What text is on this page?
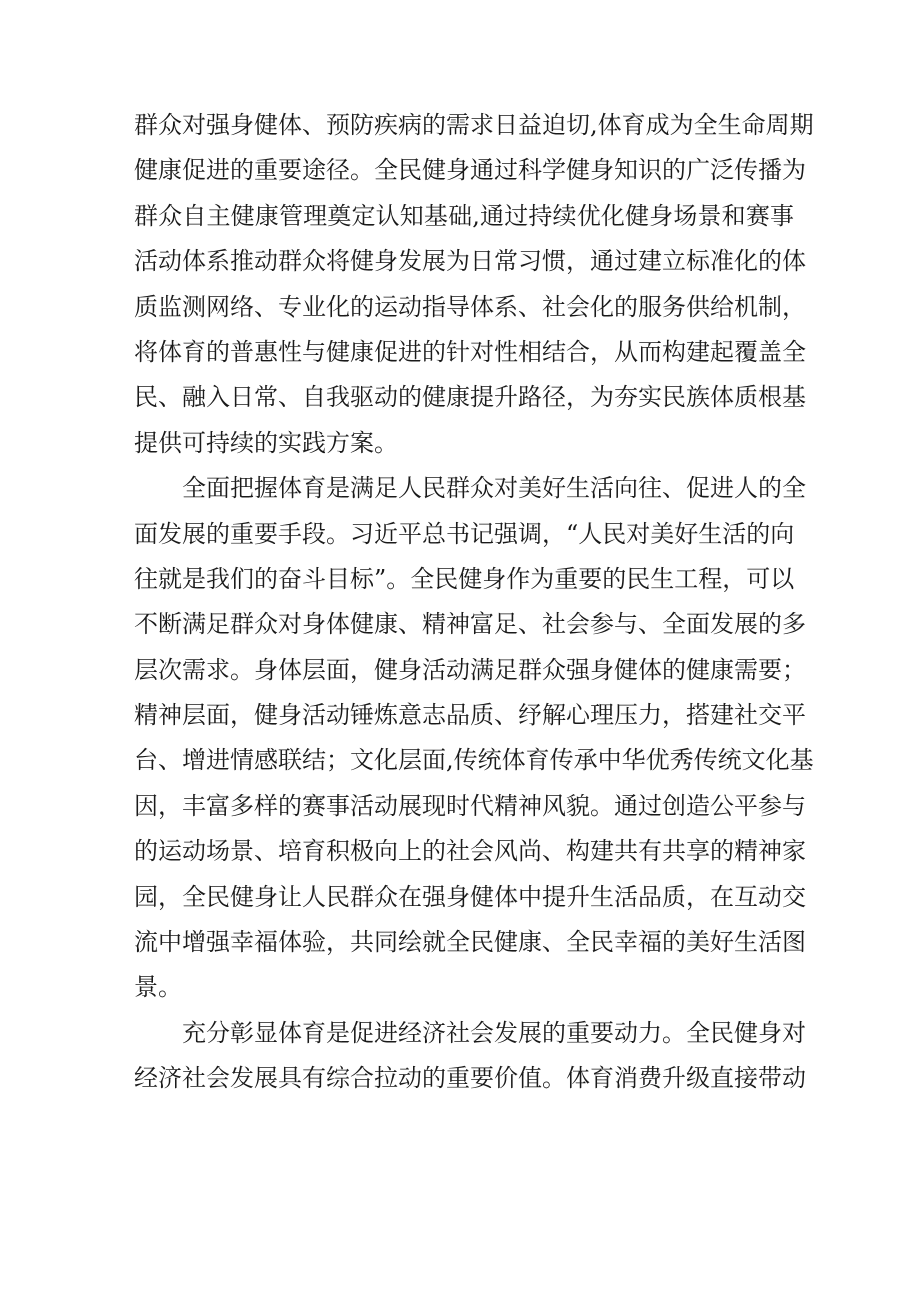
群众对强身健体、预防疾病的需求日益迫切,体育成为全生命周期
健康促进的重要途径。全民健身通过科学健身知识的广泛传播为
群众自主健康管理奠定认知基础,通过持续优化健身场景和赛事
活动体系推动群众将健身发展为日常习惯，通过建立标准化的体
质监测网络、专业化的运动指导体系、社会化的服务供给机制，
将体育的普惠性与健康促进的针对性相结合，从而构建起覆盖全
民、融入日常、自我驱动的健康提升路径，为夯实民族体质根基
提供可持续的实践方案。
全面把握体育是满足人民群众对美好生活向往、促进人的全
面发展的重要手段。习近平总书记强调，“人民对美好生活的向
往就是我们的奋斗目标”。全民健身作为重要的民生工程，可以
不断满足群众对身体健康、精神富足、社会参与、全面发展的多
层次需求。身体层面，健身活动满足群众强身健体的健康需要；
精神层面，健身活动锤炼意志品质、纾解心理压力，搭建社交平
台、增进情感联结；文化层面,传统体育传承中华优秀传统文化基
因，丰富多样的赛事活动展现时代精神风貌。通过创造公平参与
的运动场景、培育积极向上的社会风尚、构建共有共享的精神家
园，全民健身让人民群众在强身健体中提升生活品质，在互动交
流中增强幸福体验，共同绘就全民健康、全民幸福的美好生活图
景。
充分彰显体育是促进经济社会发展的重要动力。全民健身对
经济社会发展具有综合拉动的重要价值。体育消费升级直接带动
